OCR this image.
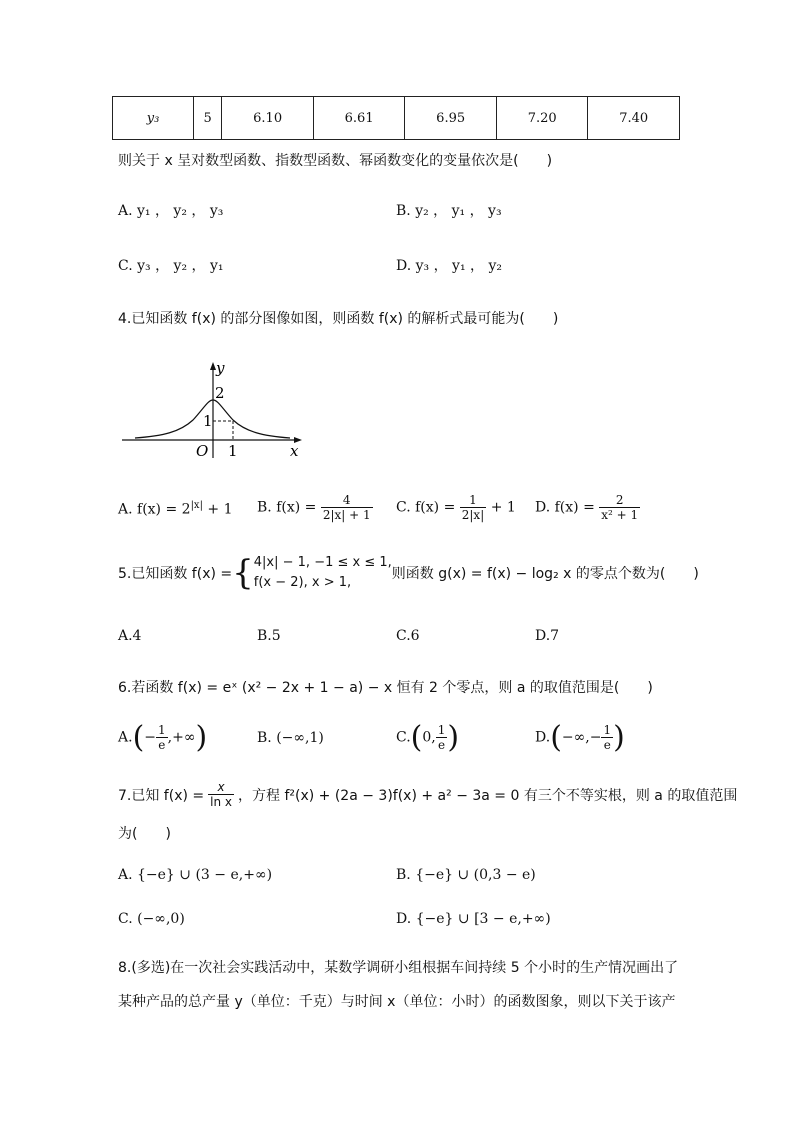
y₃	5	6.10	6.61	6.95	7.20	7.40
则关于 x 呈对数型函数、指数型函数、幂函数变化的变量依次是(　　)
A. y₁ ， y₂ ， y₃	B. y₂ ， y₁ ， y₃
C. y₃ ， y₂ ， y₁	D. y₃ ， y₁ ， y₂
4.已知函数 f(x) 的部分图像如图，则函数 f(x) 的解析式最可能为(　　)
y
x
O
2
1
1
A. $f(x) = 2^{|x|} + 1$ B. $f(x) = \frac{4}{2|x| + 1} C$. $f(x) = \frac{1}{2|x|} + 1$ D. $f(x) = \frac{2}{\text{x² + 1}}$
5.已知函数 f(x) = { 4|x| − 1, −1 ≤ x ≤ 1,
f(x − 2), x > 1,
则函数 g(x) = f(x) − log₂ x 的零点个数为(　　)
A.4	B.5	C.6	D.7
6.若函数 f(x) = eˣ (x² − 2x + 1 − a) − x 恒有 2 个零点，则 a 的取值范围是(　　)
$A.(- \frac{1}{e}$ ,+∞)	B. (−∞,1)	C.(0, $\frac{1}{e}$ )	$D.(-\infty,- \frac{1}{e}$ )
7.已知 $f(x) = \frac{x}{\text{ln x}}$ ，方程 f²(x) + (2a − 3)f(x) + a² − 3a = 0 有三个不等实根，则 a 的取值范围
为(　　)
A. {−e} ∪ (3 − e,+∞)	B. {−e} ∪ (0,3 − e)
C. (−∞,0)	D. {−e} ∪ [3 − e,+∞)
8.(多选)在一次社会实践活动中，某数学调研小组根据车间持续 5 个小时的生产情况画出了
某种产品的总产量 y（单位：千克）与时间 x（单位：小时）的函数图象，则以下关于该产
